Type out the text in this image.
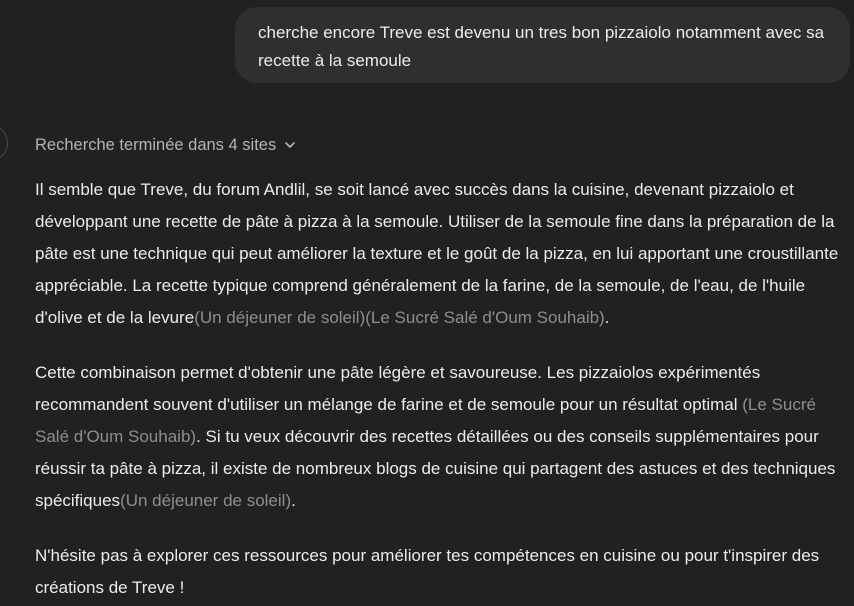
cherche encore Treve est devenu un tres bon pizzaiolo notamment avec sa recette à la semoule
Recherche terminée dans 4 sites

Il semble que Treve, du forum Andlil, se soit lancé avec succès dans la cuisine, devenant pizzaiolo et développant une recette de pâte à pizza à la semoule. Utiliser de la semoule fine dans la préparation de la pâte est une technique qui peut améliorer la texture et le goût de la pizza, en lui apportant une croustillante appréciable. La recette typique comprend généralement de la farine, de la semoule, de l'eau, de l'huile d'olive et de la levure(Un déjeuner de soleil)(Le Sucré Salé d'Oum Souhaib).

Cette combinaison permet d'obtenir une pâte légère et savoureuse. Les pizzaiolos expérimentés recommandent souvent d'utiliser un mélange de farine et de semoule pour un résultat optimal (Le Sucré Salé d'Oum Souhaib). Si tu veux découvrir des recettes détaillées ou des conseils supplémentaires pour réussir ta pâte à pizza, il existe de nombreux blogs de cuisine qui partagent des astuces et des techniques spécifiques(Un déjeuner de soleil).

N'hésite pas à explorer ces ressources pour améliorer tes compétences en cuisine ou pour t'inspirer des créations de Treve !
